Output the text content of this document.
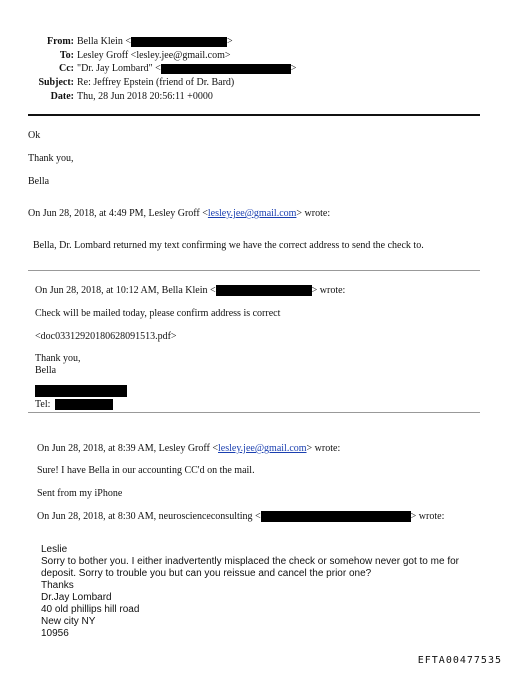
From: Bella Klein <	>
To: Lesley Groff <lesley.jee@gmail.com>
Cc: "Dr. Jay Lombard" <	>
Subject: Re: Jeffrey Epstein (friend of Dr. Bard)
Date: Thu, 28 Jun 2018 20:56:11 +0000
Ok
Thank you,
Bella
On Jun 28, 2018, at 4:49 PM, Lesley Groff <lesley.jee@gmail.com> wrote:
Bella, Dr. Lombard returned my text confirming we have the correct address to send the check to.
On Jun 28, 2018, at 10:12 AM, Bella Klein <	> wrote:
Check will be mailed today, please confirm address is correct
<doc03312920180628091513.pdf>
Thank you,
Bella
Tel:
On Jun 28, 2018, at 8:39 AM, Lesley Groff <lesley.jee@gmail.com> wrote:
Sure! I have Bella in our accounting CC'd on the mail.
Sent from my iPhone
On Jun 28, 2018, at 8:30 AM, neuroscienceconsulting <	> wrote:
Leslie
Sorry to bother you. I either inadvertently misplaced the check or somehow never got to me for
deposit. Sorry to trouble you but can you reissue and cancel the prior one?
Thanks
Dr.Jay Lombard
40 old phillips hill road
New city NY
10956
EFTA00477535
